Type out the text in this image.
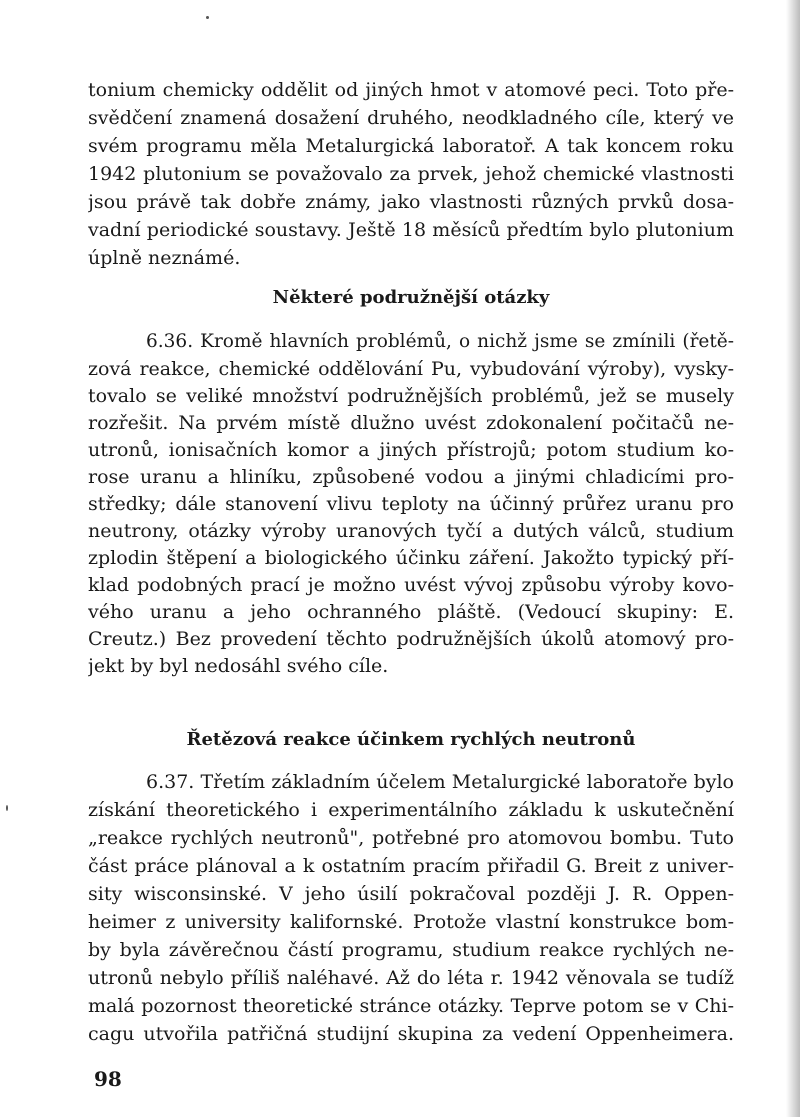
tonium chemicky oddělit od jiných hmot v atomové peci. Toto pře-
svědčení znamená dosažení druhého, neodkladného cíle, který ve
svém programu měla Metalurgická laboratoř. A tak koncem roku
1942 plutonium se považovalo za prvek, jehož chemické vlastnosti
jsou právě tak dobře známy, jako vlastnosti různých prvků dosa-
vadní periodické soustavy. Ještě 18 měsíců předtím bylo plutonium
úplně neznámé.
Některé podružnější otázky
6.36. Kromě hlavních problémů, o nichž jsme se zmínili (řetě-
zová reakce, chemické oddělování Pu, vybudování výroby), vysky-
tovalo se veliké množství podružnějších problémů, jež se musely
rozřešit. Na prvém místě dlužno uvést zdokonalení počitačů ne-
utronů, ionisačních komor a jiných přístrojů; potom studium ko-
rose uranu a hliníku, způsobené vodou a jinými chladicími pro-
středky; dále stanovení vlivu teploty na účinný průřez uranu pro
neutrony, otázky výroby uranových tyčí a dutých válců, studium
zplodin štěpení a biologického účinku záření. Jakožto typický pří-
klad podobných prací je možno uvést vývoj způsobu výroby kovo-
vého uranu a jeho ochranného pláště. (Vedoucí skupiny: E.
Creutz.) Bez provedení těchto podružnějších úkolů atomový pro-
jekt by byl nedosáhl svého cíle.
Řetězová reakce účinkem rychlých neutronů
6.37. Třetím základním účelem Metalurgické laboratoře bylo
získání theoretického i experimentálního základu k uskutečnění
„reakce rychlých neutronů", potřebné pro atomovou bombu. Tuto
část práce plánoval a k ostatním pracím přiřadil G. Breit z univer-
sity wisconsinské. V jeho úsilí pokračoval později J. R. Oppen-
heimer z university kalifornské. Protože vlastní konstrukce bom-
by byla závěrečnou částí programu, studium reakce rychlých ne-
utronů nebylo příliš naléhavé. Až do léta r. 1942 věnovala se tudíž
malá pozornost theoretické stránce otázky. Teprve potom se v Chi-
cagu utvořila patřičná studijní skupina za vedení Oppenheimera.
98
